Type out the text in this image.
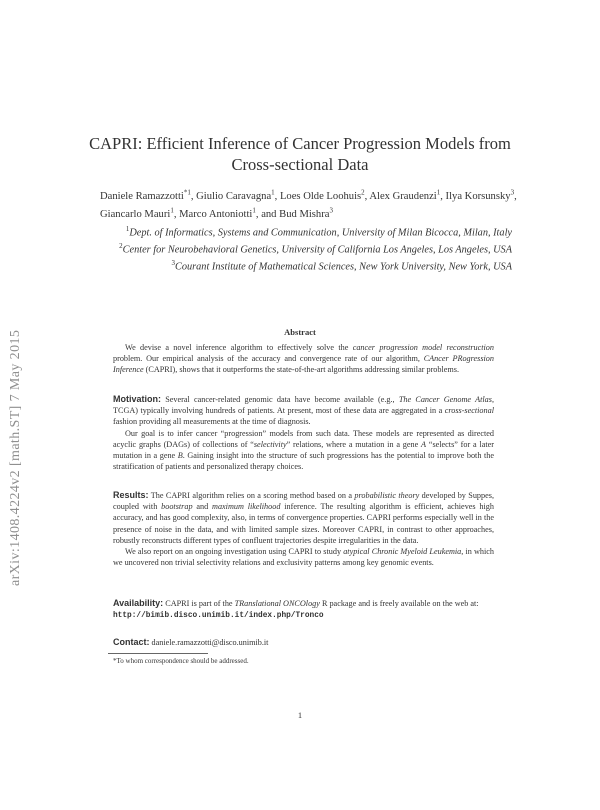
arXiv:1408.4224v2 [math.ST] 7 May 2015
CAPRI: Efficient Inference of Cancer Progression Models from
Cross-sectional Data
Daniele Ramazzotti$^{*1}$, Giulio Caravagna$^1$, Loes Olde Loohuis$^2$, Alex Graudenzi$^1$, Ilya Korsunsky$^3$, Giancarlo Mauri$^1$, Marco Antoniotti$^1$, and Bud Mishra$^3$
$^1$Dept. of Informatics, Systems and Communication, University of Milan Bicocca, Milan, Italy
$^2$Center for Neurobehavioral Genetics, University of California Los Angeles, Los Angeles, USA
$^3$Courant Institute of Mathematical Sciences, New York University, New York, USA
Abstract

We devise a novel inference algorithm to effectively solve the cancer progression model reconstruction problem. Our empirical analysis of the accuracy and convergence rate of our algorithm, CAncer PRogression Inference (CAPRI), shows that it outperforms the state-of-the-art algorithms addressing similar problems.

Motivation: Several cancer-related genomic data have become available (e.g., The Cancer Genome Atlas, TCGA) typically involving hundreds of patients. At present, most of these data are aggregated in a cross-sectional fashion providing all measurements at the time of diagnosis.

Our goal is to infer cancer “progression” models from such data. These models are represented as directed acyclic graphs (DAGs) of collections of “selectivity” relations, where a mutation in a gene A “selects” for a later mutation in a gene B. Gaining insight into the structure of such progressions has the potential to improve both the stratification of patients and personalized therapy choices.

Results: The CAPRI algorithm relies on a scoring method based on a probabilistic theory developed by Suppes, coupled with bootstrap and maximum likelihood inference. The resulting algorithm is efficient, achieves high accuracy, and has good complexity, also, in terms of convergence properties. CAPRI performs especially well in the presence of noise in the data, and with limited sample sizes. Moreover CAPRI, in contrast to other approaches, robustly reconstructs different types of confluent trajectories despite irregularities in the data.

We also report on an ongoing investigation using CAPRI to study atypical Chronic Myeloid Leukemia, in which we uncovered non trivial selectivity relations and exclusivity patterns among key genomic events.

Availability: CAPRI is part of the TRanslational ONCOlogy R package and is freely available on the web at:

http://bimib.disco.unimib.it/index.php/Tronco

Contact: daniele.ramazzotti@disco.unimib.it

*To whom correspondence should be addressed.
1
